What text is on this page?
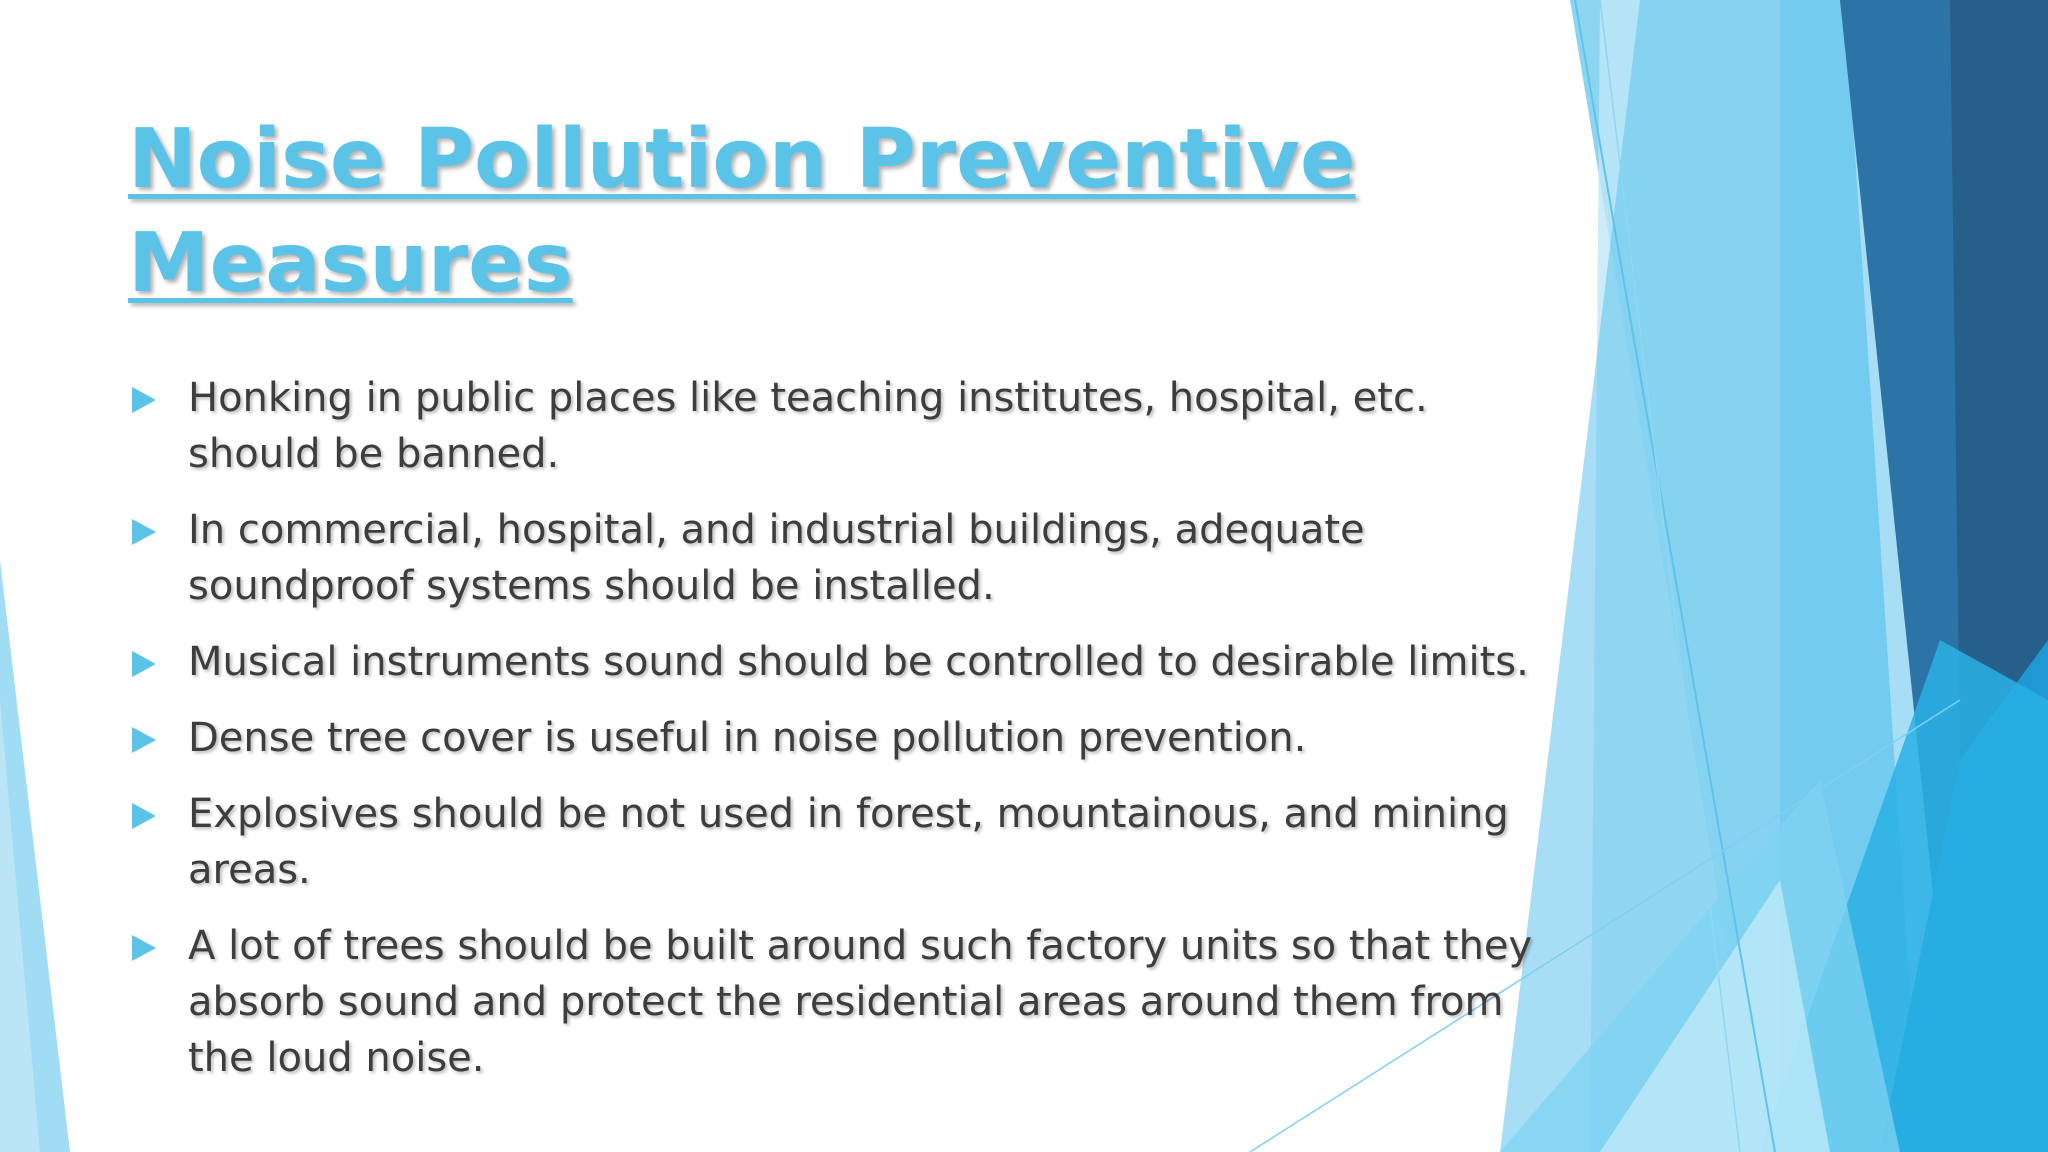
Noise Pollution Preventive
Measures
Honking in public places like teaching institutes, hospital, etc. should be banned.
In commercial, hospital, and industrial buildings, adequate soundproof systems should be installed.
Musical instruments sound should be controlled to desirable limits.
Dense tree cover is useful in noise pollution prevention.
Explosives should be not used in forest, mountainous, and mining areas.
A lot of trees should be built around such factory units so that they absorb sound and protect the residential areas around them from the loud noise.
